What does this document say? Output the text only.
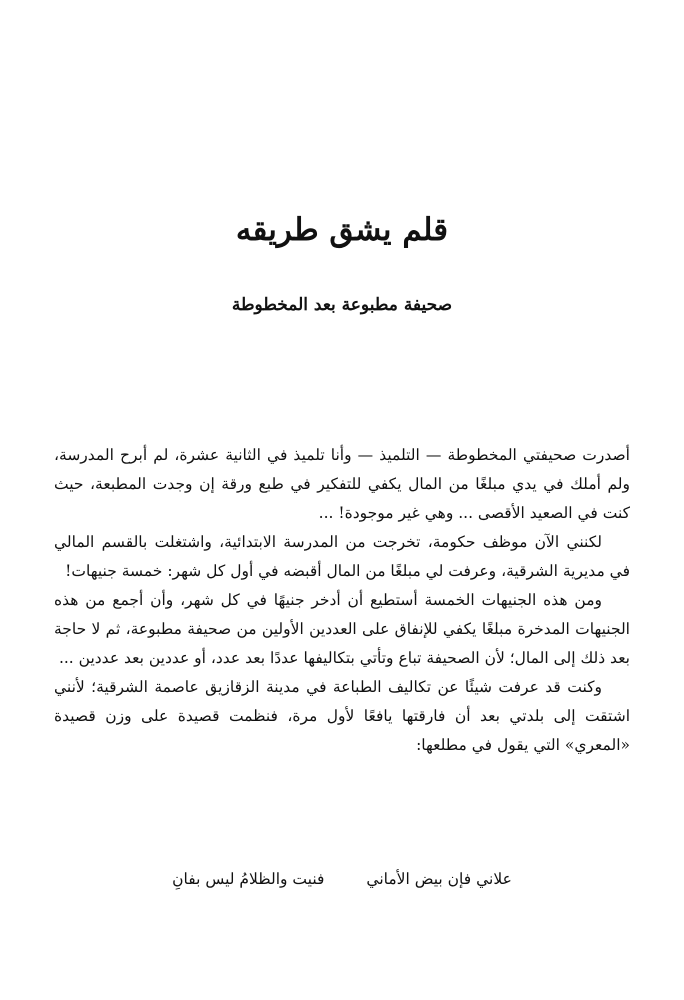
قلم يشق طريقه
صحيفة مطبوعة بعد المخطوطة

أصدرت صحيفتي المخطوطة — التلميذ — وأنا تلميذ في الثانية عشرة، لم أبرح المدرسة، ولم أملك في يدي مبلغًا من المال يكفي للتفكير في طبع ورقة إن وجدت المطبعة، حيث كنت في الصعيد الأقصى ... وهي غير موجودة! ...

لكنني الآن موظف حكومة، تخرجت من المدرسة الابتدائية، واشتغلت بالقسم المالي في مديرية الشرقية، وعرفت لي مبلغًا من المال أقبضه في أول كل شهر: خمسة جنيهات!

ومن هذه الجنيهات الخمسة أستطيع أن أدخر جنيهًا في كل شهر، وأن أجمع من هذه الجنيهات المدخرة مبلغًا يكفي للإنفاق على العددين الأولين من صحيفة مطبوعة، ثم لا حاجة بعد ذلك إلى المال؛ لأن الصحيفة تباع وتأتي بتكاليفها عددًا بعد عدد، أو عددين بعد عددين ...

وكنت قد عرفت شيئًا عن تكاليف الطباعة في مدينة الزقازيق عاصمة الشرقية؛ لأنني اشتقت إلى بلدتي بعد أن فارقتها يافعًا لأول مرة، فنظمت قصيدة على وزن قصيدة «المعري» التي يقول في مطلعها:

علاني فإن بيض الأماني
فنيت والظلامُ ليس بفانِ
